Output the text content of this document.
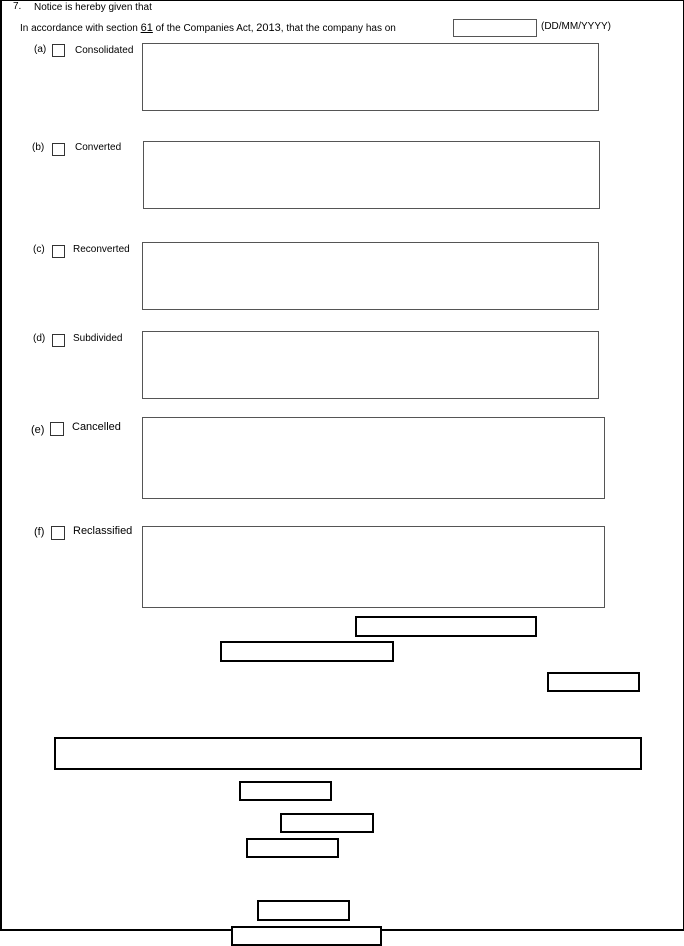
7. Notice is hereby given that
In accordance with section 61 of the Companies Act, 2013, that the company has on	(DD/MM/YYYY)
(a)	Consolidated
(b)	Converted
(c)	Reconverted
(d)	Subdivided
(e)	Cancelled
(f)	Reclassified
